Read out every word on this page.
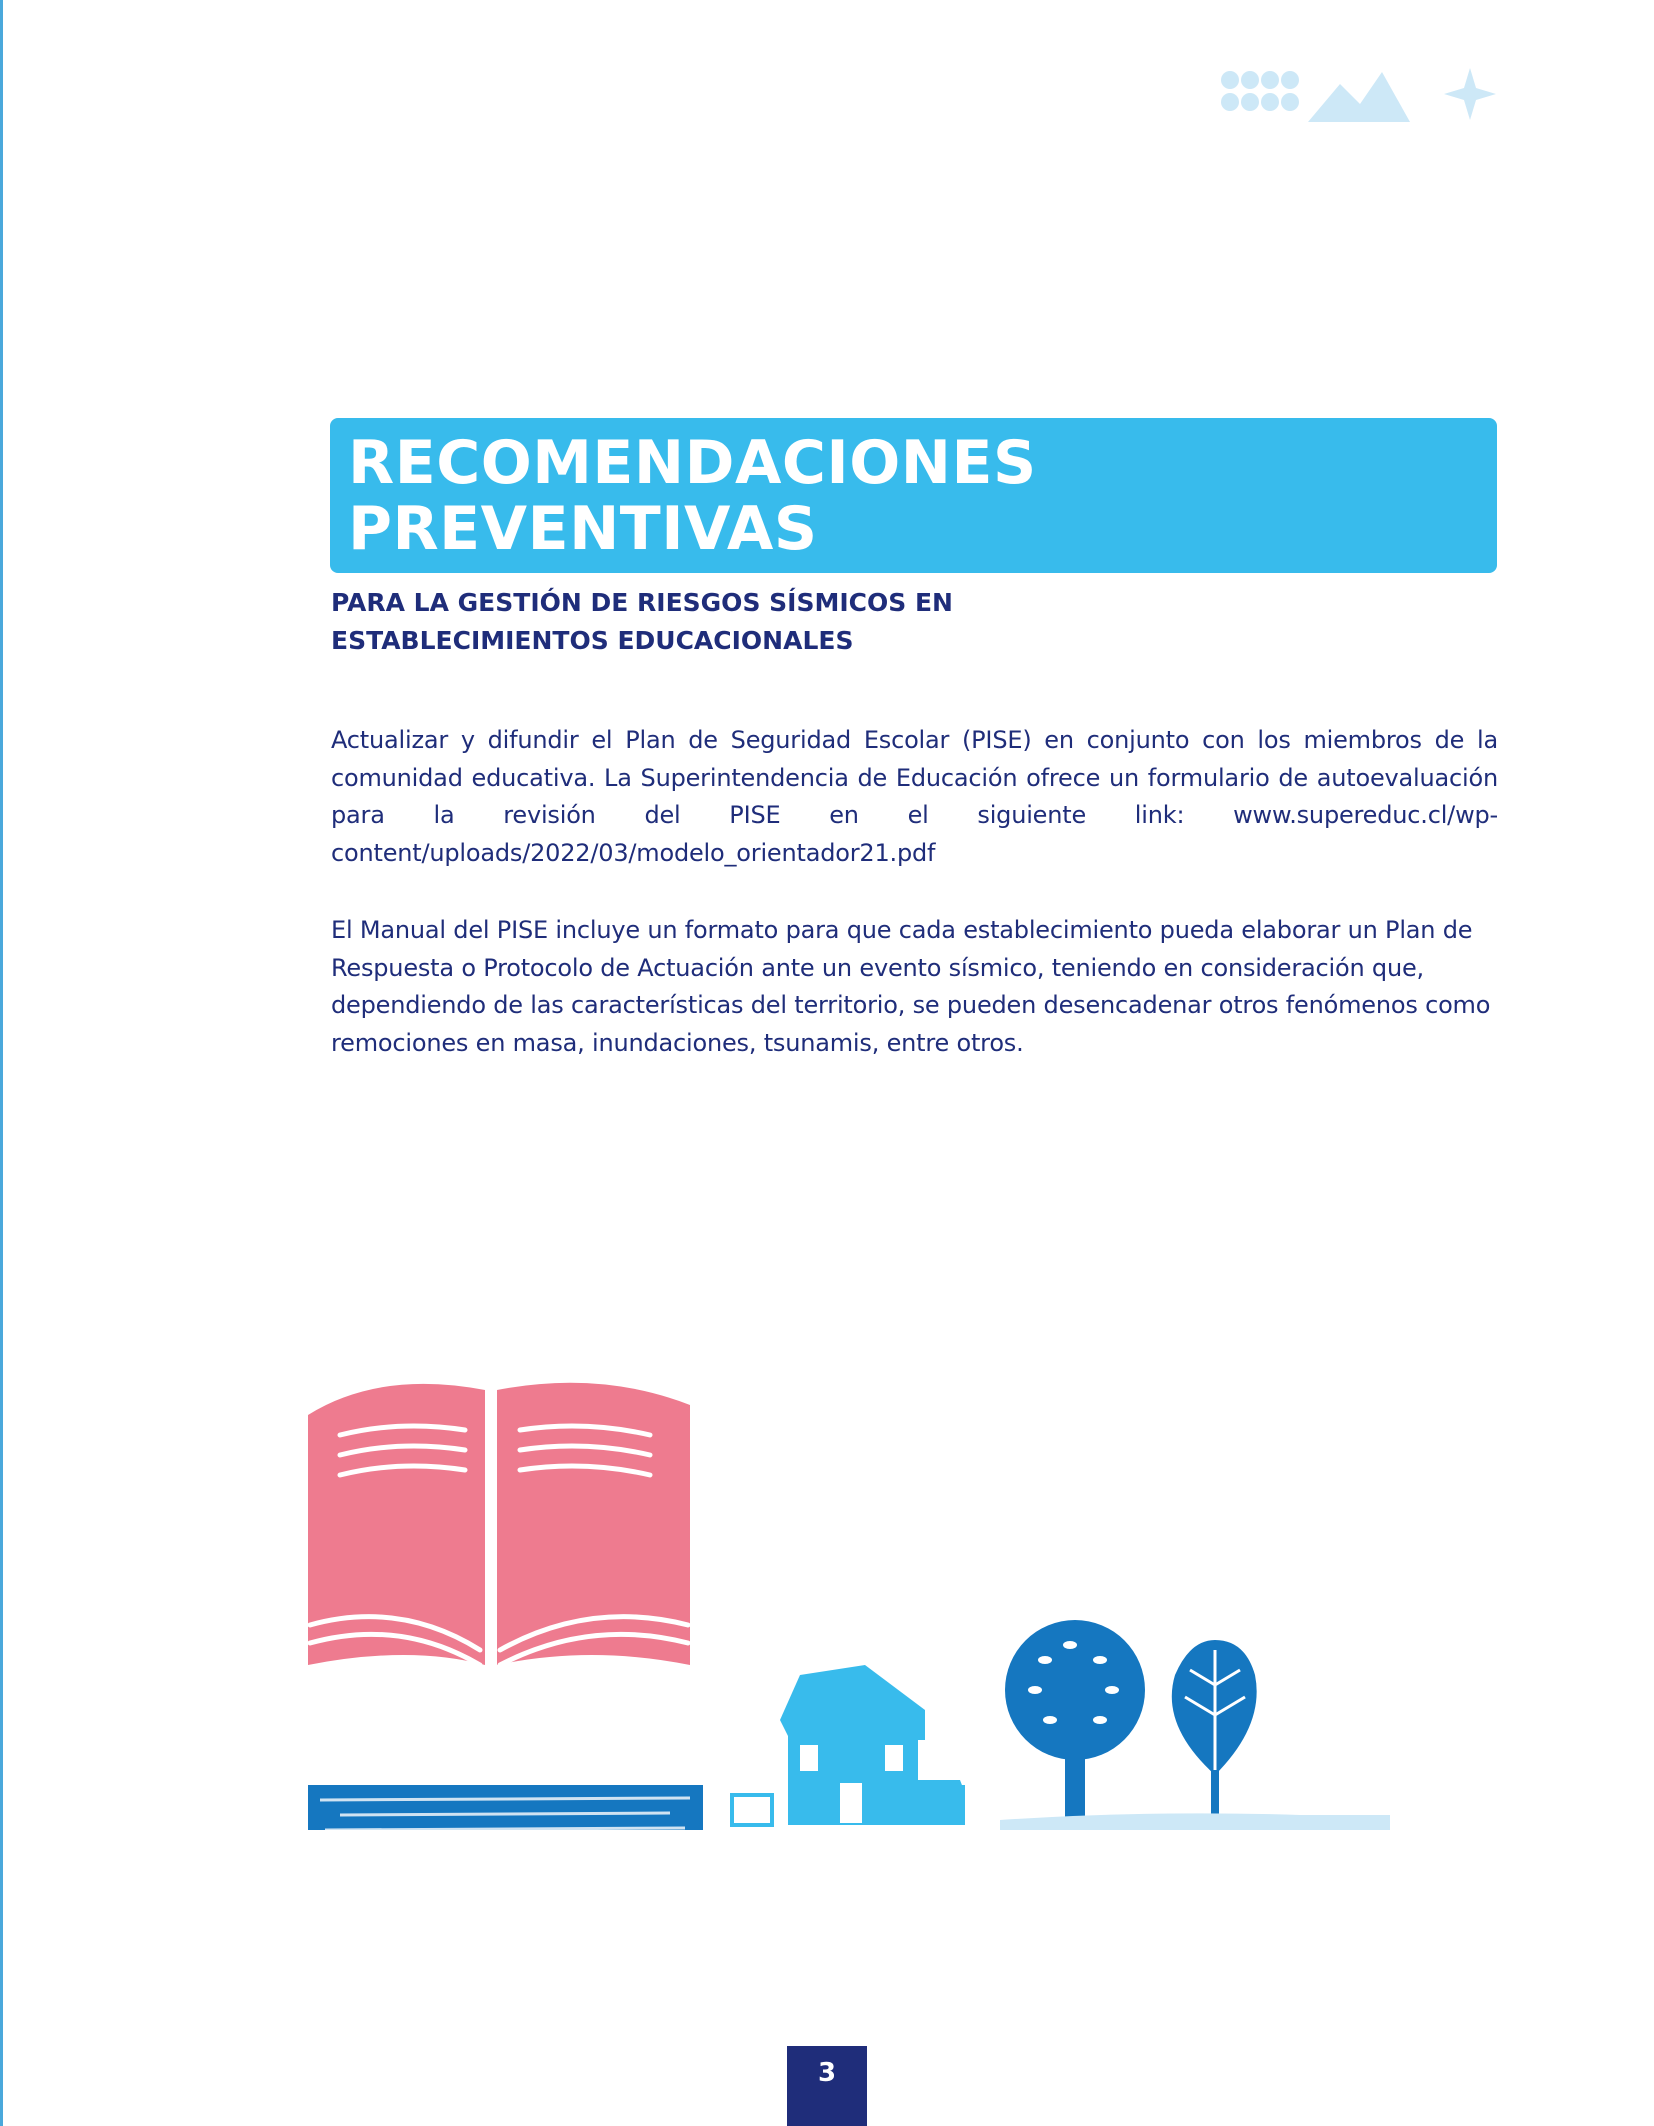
RECOMENDACIONES
PREVENTIVAS
PARA LA GESTIÓN DE RIESGOS SÍSMICOS EN
ESTABLECIMIENTOS EDUCACIONALES

Actualizar y difundir el Plan de Seguridad Escolar (PISE) en conjunto con los miembros de la comunidad educativa. La Superintendencia de Educación ofrece un formulario de autoevaluación para la revisión del PISE en el siguiente link: www.supereduc.cl/wp-content/uploads/2022/03/modelo_orientador21.pdf

El Manual del PISE incluye un formato para que cada establecimiento pueda elaborar un Plan de Respuesta o Protocolo de Actuación ante un evento sísmico, teniendo en consideración que, dependiendo de las características del territorio, se pueden desencadenar otros fenómenos como remociones en masa, inundaciones, tsunamis, entre otros.

3
